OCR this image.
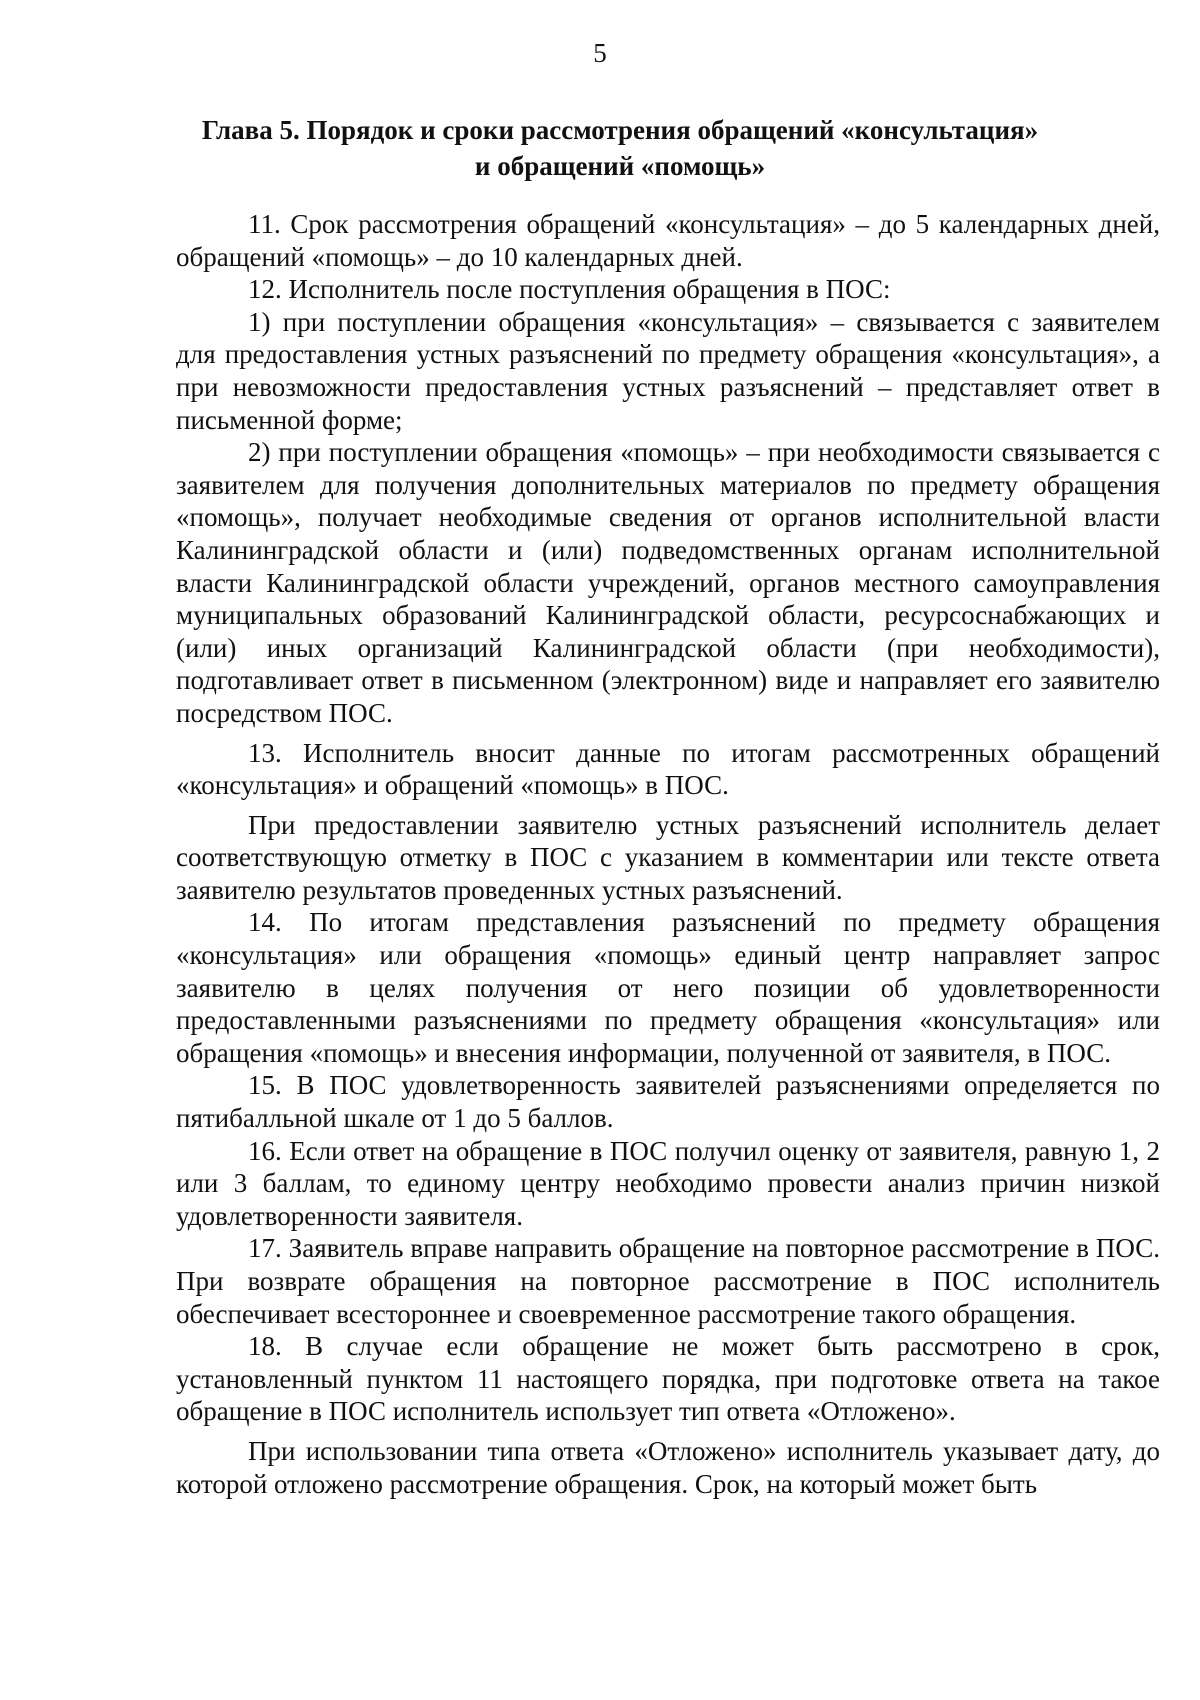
5
Глава 5. Порядок и сроки рассмотрения обращений «консультация»
и обращений «помощь»

11. Срок рассмотрения обращений «консультация» – до 5 календарных дней, обращений «помощь» – до 10 календарных дней.

12. Исполнитель после поступления обращения в ПОС:

1) при поступлении обращения «консультация» – связывается с заявителем для предоставления устных разъяснений по предмету обращения «консультация», а при невозможности предоставления устных разъяснений – представляет ответ в письменной форме;

2) при поступлении обращения «помощь» – при необходимости связывается с заявителем для получения дополнительных материалов по предмету обращения «помощь», получает необходимые сведения от органов исполнительной власти Калининградской области и (или) подведомственных органам исполнительной власти Калининградской области учреждений, органов местного самоуправления муниципальных образований Калининградской области, ресурсоснабжающих и (или) иных организаций Калининградской области (при необходимости), подготавливает ответ в письменном (электронном) виде и направляет его заявителю посредством ПОС.

13. Исполнитель вносит данные по итогам рассмотренных обращений «консультация» и обращений «помощь» в ПОС.

При предоставлении заявителю устных разъяснений исполнитель делает соответствующую отметку в ПОС с указанием в комментарии или тексте ответа заявителю результатов проведенных устных разъяснений.

14. По итогам представления разъяснений по предмету обращения «консультация» или обращения «помощь» единый центр направляет запрос заявителю в целях получения от него позиции об удовлетворенности предоставленными разъяснениями по предмету обращения «консультация» или обращения «помощь» и внесения информации, полученной от заявителя, в ПОС.

15. В ПОС удовлетворенность заявителей разъяснениями определяется по пятибалльной шкале от 1 до 5 баллов.

16. Если ответ на обращение в ПОС получил оценку от заявителя, равную 1, 2 или 3 баллам, то единому центру необходимо провести анализ причин низкой удовлетворенности заявителя.

17. Заявитель вправе направить обращение на повторное рассмотрение в ПОС. При возврате обращения на повторное рассмотрение в ПОС исполнитель обеспечивает всестороннее и своевременное рассмотрение такого обращения.

18. В случае если обращение не может быть рассмотрено в срок, установленный пунктом 11 настоящего порядка, при подготовке ответа на такое обращение в ПОС исполнитель использует тип ответа «Отложено».

При использовании типа ответа «Отложено» исполнитель указывает дату, до которой отложено рассмотрение обращения. Срок, на который может быть
